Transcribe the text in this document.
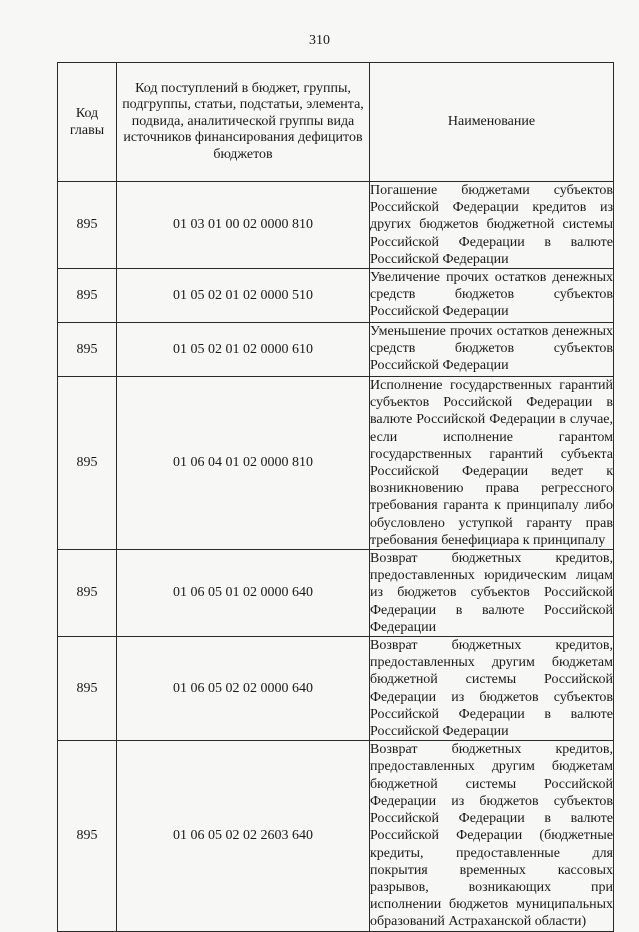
310
Код главы	Код поступлений в бюджет, группы, подгруппы, статьи, подстатьи, элемента, подвида, аналитической группы вида источников финансирования дефицитов бюджетов	Наименование
895	01 03 01 00 02 0000 810	Погашение бюджетами субъектов Российской Федерации кредитов из других бюджетов бюджетной системы Российской Федерации в валюте Российской Федерации
895	01 05 02 01 02 0000 510	Увеличение прочих остатков денежных средств бюджетов субъектов Российской Федерации
895	01 05 02 01 02 0000 610	Уменьшение прочих остатков денежных средств бюджетов субъектов Российской Федерации
895	01 06 04 01 02 0000 810	Исполнение государственных гарантий субъектов Российской Федерации в валюте Российской Федерации в случае, если исполнение гарантом государственных гарантий субъекта Российской Федерации ведет к возникновению права регрессного требования гаранта к принципалу либо обусловлено уступкой гаранту прав требования бенефициара к принципалу
895	01 06 05 01 02 0000 640	Возврат бюджетных кредитов, предоставленных юридическим лицам из бюджетов субъектов Российской Федерации в валюте Российской Федерации
895	01 06 05 02 02 0000 640	Возврат бюджетных кредитов, предоставленных другим бюджетам бюджетной системы Российской Федерации из бюджетов субъектов Российской Федерации в валюте Российской Федерации
895	01 06 05 02 02 2603 640	Возврат бюджетных кредитов, предоставленных другим бюджетам бюджетной системы Российской Федерации из бюджетов субъектов Российской Федерации в валюте Российской Федерации (бюджетные кредиты, предоставленные для покрытия временных кассовых разрывов, возникающих при исполнении бюджетов муниципальных образований Астраханской области)
